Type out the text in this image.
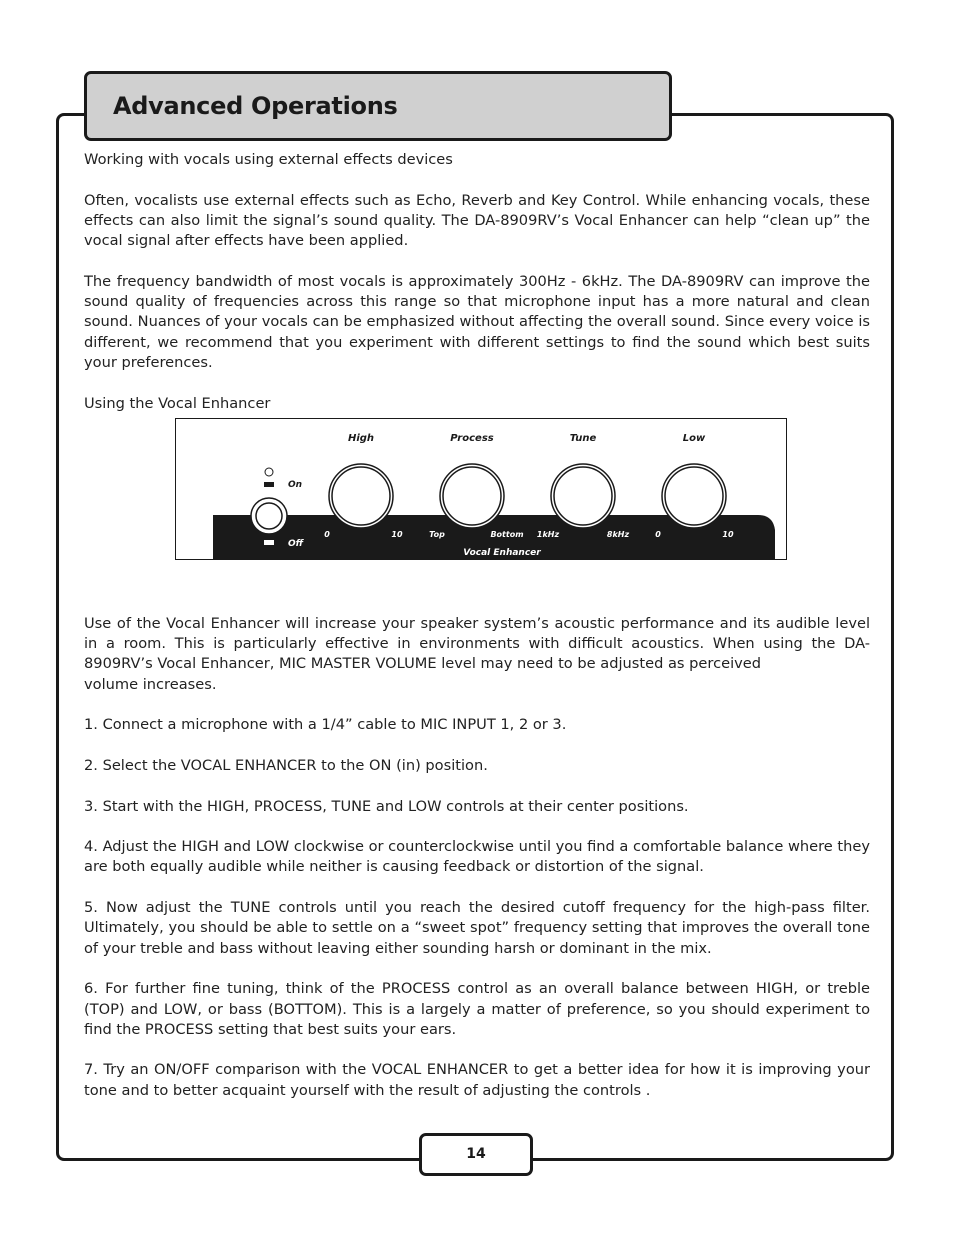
Advanced Operations

Working with vocals using external effects devices

Often, vocalists use external effects such as Echo, Reverb and Key Control. While enhancing vocals, these effects can also limit the signal’s sound quality. The DA-8909RV’s Vocal Enhancer can help “clean up” the vocal signal after effects have been applied.

The frequency bandwidth of most vocals is approximately 300Hz - 6kHz. The DA-8909RV can improve the sound quality of frequencies across this range so that microphone input has a more natural and clean sound. Nuances of your vocals can be emphasized without affecting the overall sound. Since every voice is different, we recommend that you experiment with different settings to find the sound which best suits your preferences.

Using the Vocal Enhancer

On
Off
High	Process	Tune	Low
0	10	Top	Bottom 1kHz	8kHz	0	10
Vocal Enhancer

Use of the Vocal Enhancer will increase your speaker system’s acoustic performance and its audible level in a room. This is particularly effective in environments with difficult acoustics. When using the DA-8909RV’s Vocal Enhancer, MIC MASTER VOLUME level may need to be adjusted as perceived

volume increases.

1. Connect a microphone with a 1/4” cable to MIC INPUT 1, 2 or 3.

2. Select the VOCAL ENHANCER to the ON (in) position.

3. Start with the HIGH, PROCESS, TUNE and LOW controls at their center positions.

4. Adjust the HIGH and LOW clockwise or counterclockwise until you find a comfortable balance where they are both equally audible while neither is causing feedback or distortion of the signal.

5. Now adjust the TUNE controls until you reach the desired cutoff frequency for the high-pass filter. Ultimately, you should be able to settle on a “sweet spot” frequency setting that improves the overall tone of your treble and bass without leaving either sounding harsh or dominant in the mix.

6. For further fine tuning, think of the PROCESS control as an overall balance between HIGH, or treble (TOP) and LOW, or bass (BOTTOM). This is a largely a matter of preference, so you should experiment to find the PROCESS setting that best suits your ears.

7. Try an ON/OFF comparison with the VOCAL ENHANCER to get a better idea for how it is improving your tone and to better acquaint yourself with the result of adjusting the controls .

14
